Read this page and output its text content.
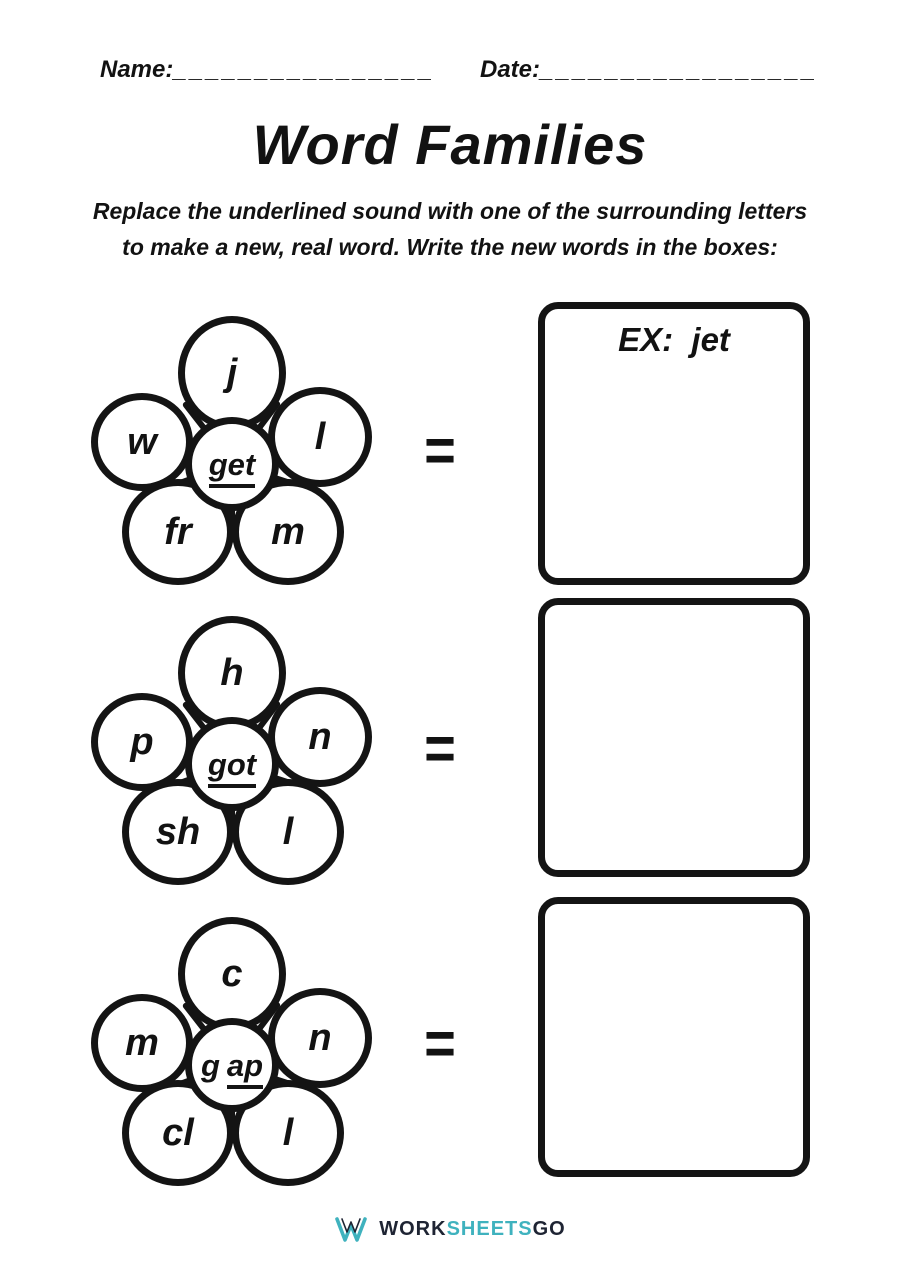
Name: ________________ Date: _________________
Word Families
Replace the underlined sound with one of the surrounding letters
to make a new, real word. Write the new words in the boxes:
j
w	l
fr m
get	=
EX:  jet
h
p	n
sh l
got	=
c
m	n
cl l
g ap	=
WORKSHEETSGO
